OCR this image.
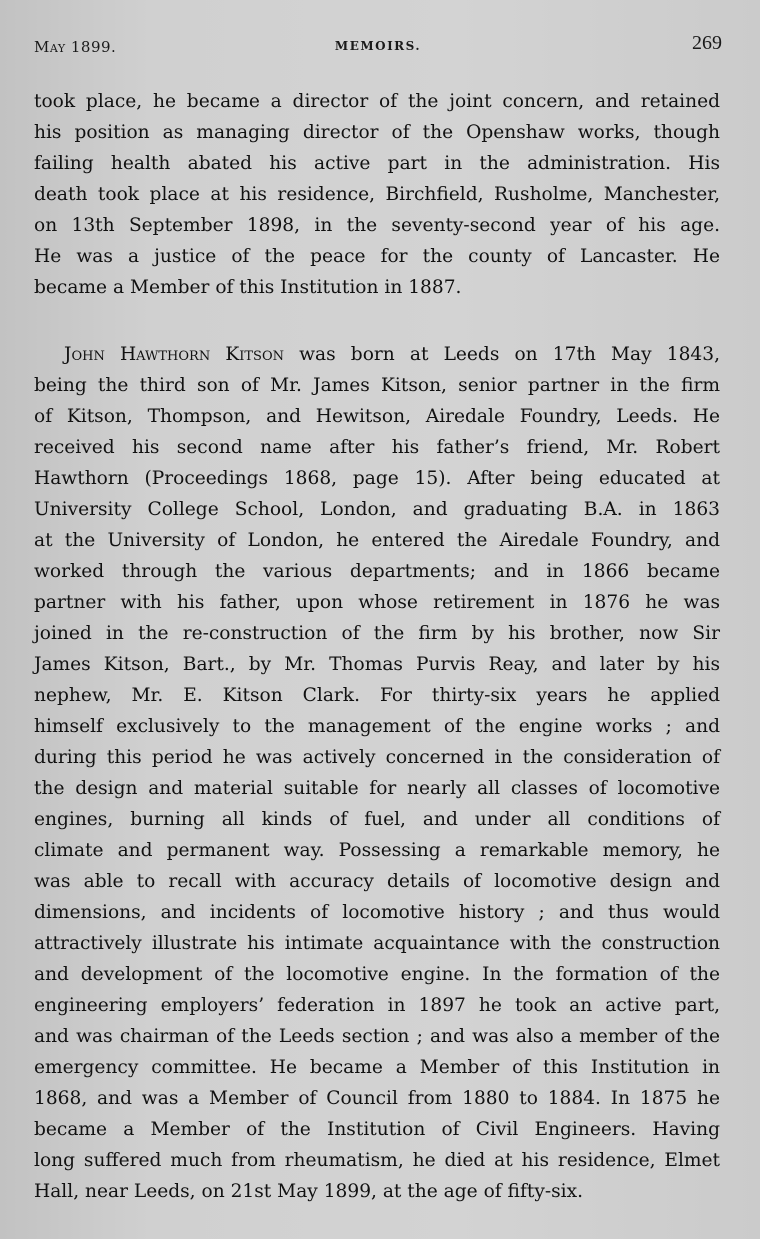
May 1899.	MEMOIRS.	269
took place, he became a director of the joint concern, and retained
his position as managing director of the Openshaw works, though
failing health abated his active part in the administration. His
death took place at his residence, Birchfield, Rusholme, Manchester,
on 13th September 1898, in the seventy-second year of his age.
He was a justice of the peace for the county of Lancaster. He
became a Member of this Institution in 1887.
John Hawthorn Kitson was born at Leeds on 17th May 1843,
being the third son of Mr. James Kitson, senior partner in the firm
of Kitson, Thompson, and Hewitson, Airedale Foundry, Leeds. He
received his second name after his father’s friend, Mr. Robert
Hawthorn (Proceedings 1868, page 15). After being educated at
University College School, London, and graduating B.A. in 1863
at the University of London, he entered the Airedale Foundry, and
worked through the various departments; and in 1866 became
partner with his father, upon whose retirement in 1876 he was
joined in the re-construction of the firm by his brother, now Sir
James Kitson, Bart., by Mr. Thomas Purvis Reay, and later by his
nephew, Mr. E. Kitson Clark. For thirty-six years he applied
himself exclusively to the management of the engine works ; and
during this period he was actively concerned in the consideration of
the design and material suitable for nearly all classes of locomotive
engines, burning all kinds of fuel, and under all conditions of
climate and permanent way. Possessing a remarkable memory, he
was able to recall with accuracy details of locomotive design and
dimensions, and incidents of locomotive history ; and thus would
attractively illustrate his intimate acquaintance with the construction
and development of the locomotive engine. In the formation of the
engineering employers’ federation in 1897 he took an active part,
and was chairman of the Leeds section ; and was also a member of the
emergency committee. He became a Member of this Institution in
1868, and was a Member of Council from 1880 to 1884. In 1875 he
became a Member of the Institution of Civil Engineers. Having
long suffered much from rheumatism, he died at his residence, Elmet
Hall, near Leeds, on 21st May 1899, at the age of fifty-six.
